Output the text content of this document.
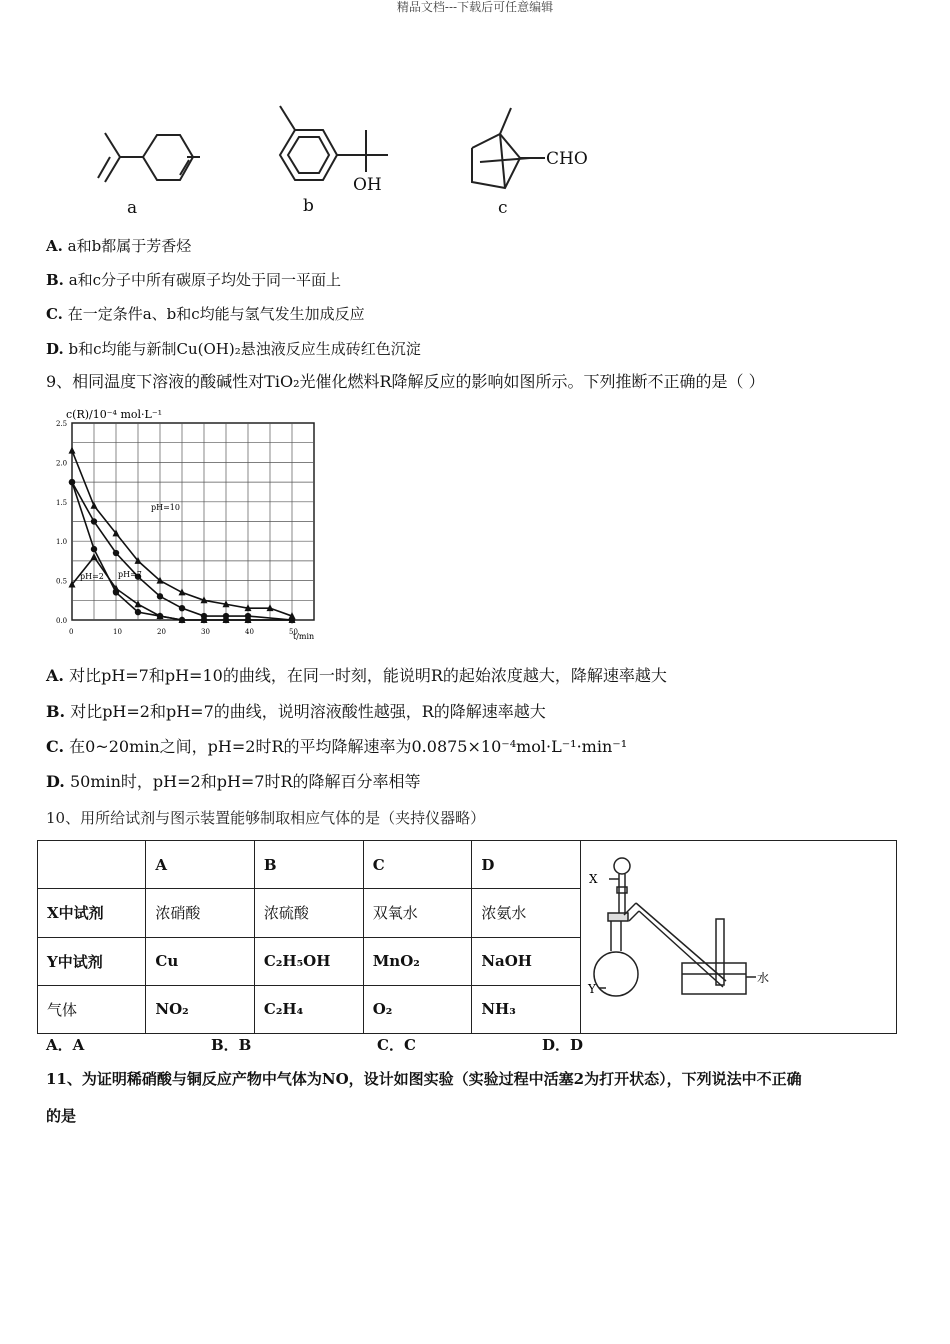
精品文档---下载后可任意编辑
OH
CHO
a	b	c
A. a和b都属于芳香烃
B. a和c分子中所有碳原子均处于同一平面上
C. 在一定条件a、b和c均能与氢气发生加成反应
D. b和c均能与新制Cu(OH)₂悬浊液反应生成砖红色沉淀
9、相同温度下溶液的酸碱性对TiO₂光催化燃料R降解反应的影响如图所示。下列推断不正确的是（ ）
c(R)/10⁻⁴ mol·L⁻¹
t/min
0	10	20	30	40	50
2.5
2.0
1.5
1.0
0.5
0.0
pH=10
pH=7
pH=2
A. 对比pH=7和pH=10的曲线，在同一时刻，能说明R的起始浓度越大，降解速率越大
B. 对比pH=2和pH=7的曲线，说明溶液酸性越强，R的降解速率越大
C. 在0~20min之间，pH=2时R的平均降解速率为0.0875×10⁻⁴mol·L⁻¹·min⁻¹
D. 50min时，pH=2和pH=7时R的降解百分率相等
10、用所给试剂与图示装置能够制取相应气体的是（夹持仪器略）
	A	B	C	D	X
Y
水

X中试剂	浓硝酸	浓硫酸	双氧水	浓氨水	
Y中试剂	Cu	C₂H₅OH	MnO₂	NaOH	
气体	NO₂	C₂H₄	O₂	NH₃	
A．A	B．B	C．C	D．D
11、为证明稀硝酸与铜反应产物中气体为NO，设计如图实验（实验过程中活塞2为打开状态），下列说法中不正确
的是
